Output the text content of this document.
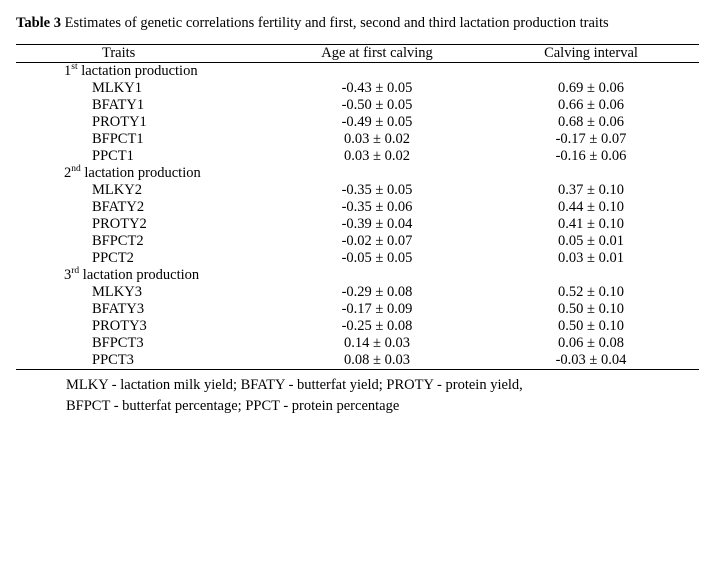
Table 3 Estimates of genetic correlations fertility and first, second and third lactation production traits
Traits	Age at first calving	Calving interval
1st lactation production		
MLKY1	-0.43 ± 0.05	0.69 ± 0.06
BFATY1	-0.50 ± 0.05	0.66 ± 0.06
PROTY1	-0.49 ± 0.05	0.68 ± 0.06
BFPCT1	0.03 ± 0.02	-0.17 ± 0.07
PPCT1	0.03 ± 0.02	-0.16 ± 0.06
2nd lactation production		
MLKY2	-0.35 ± 0.05	0.37 ± 0.10
BFATY2	-0.35 ± 0.06	0.44 ± 0.10
PROTY2	-0.39 ± 0.04	0.41 ± 0.10
BFPCT2	-0.02 ± 0.07	0.05 ± 0.01
PPCT2	-0.05 ± 0.05	0.03 ± 0.01
3rd lactation production		
MLKY3	-0.29 ± 0.08	0.52 ± 0.10
BFATY3	-0.17 ± 0.09	0.50 ± 0.10
PROTY3	-0.25 ± 0.08	0.50 ± 0.10
BFPCT3	0.14 ± 0.03	0.06 ± 0.08
PPCT3	0.08 ± 0.03	-0.03 ± 0.04
MLKY - lactation milk yield; BFATY - butterfat yield; PROTY - protein yield,
BFPCT - butterfat percentage; PPCT - protein percentage
